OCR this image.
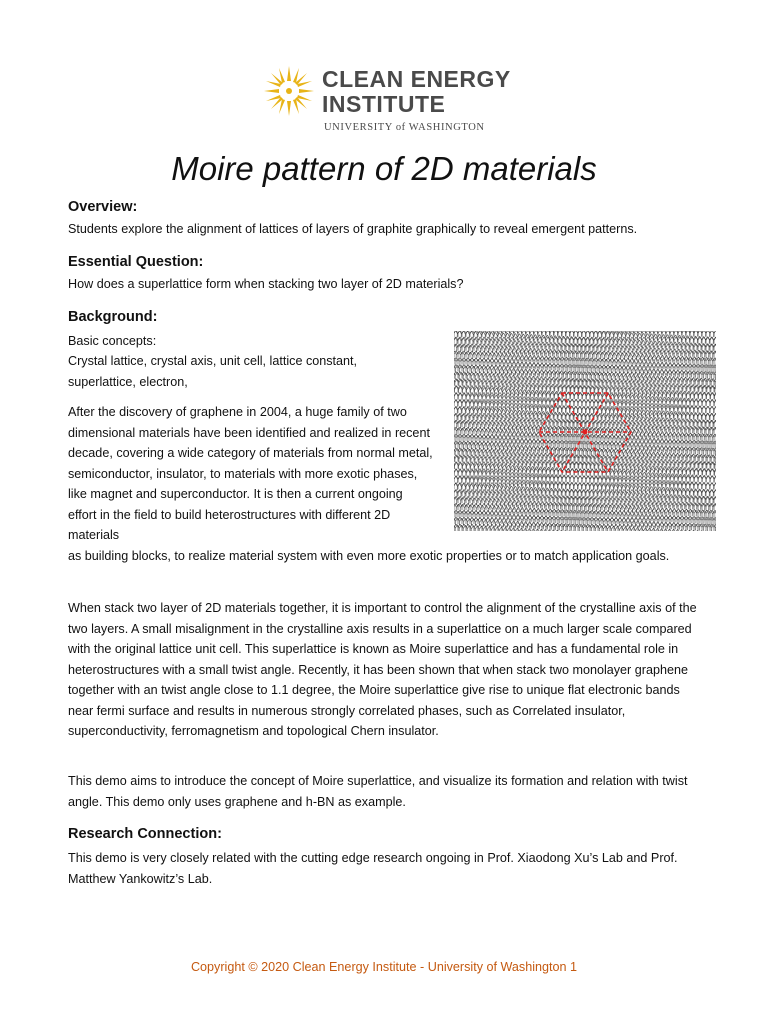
CLEAN ENERGY
INSTITUTE
UNIVERSITY of WASHINGTON
Moire pattern of 2D materials
Overview:
Students explore the alignment of lattices of layers of graphite graphically to reveal emergent patterns.
Essential Question:
How does a superlattice form when stacking two layer of 2D materials?
Background:
Basic concepts:
Crystal lattice, crystal axis, unit cell, lattice constant, superlattice, electron,
After the discovery of graphene in 2004, a huge family of two dimensional materials have been identified and realized in recent decade, covering a wide category of materials from normal metal, semiconductor, insulator, to materials with more exotic phases, like magnet and superconductor. It is then a current ongoing effort in the field to build heterostructures with different 2D materials
as building blocks, to realize material system with even more exotic properties or to match application goals.
When stack two layer of 2D materials together, it is important to control the alignment of the crystalline axis of the two layers. A small misalignment in the crystalline axis results in a superlattice on a much larger scale compared with the original lattice unit cell. This superlattice is known as Moire superlattice and has a fundamental role in heterostructures with a small twist angle. Recently, it has been shown that when stack two monolayer graphene together with an twist angle close to 1.1 degree, the Moire superlattice give rise to unique flat electronic bands near fermi surface and results in numerous strongly correlated phases, such as Correlated insulator, superconductivity, ferromagnetism and topological Chern insulator.
This demo aims to introduce the concept of Moire superlattice, and visualize its formation and relation with twist angle. This demo only uses graphene and h-BN as example.
Research Connection:
This demo is very closely related with the cutting edge research ongoing in Prof. Xiaodong Xu’s Lab and Prof. Matthew Yankowitz’s Lab.
Copyright © 2020 Clean Energy Institute - University of Washington 1
